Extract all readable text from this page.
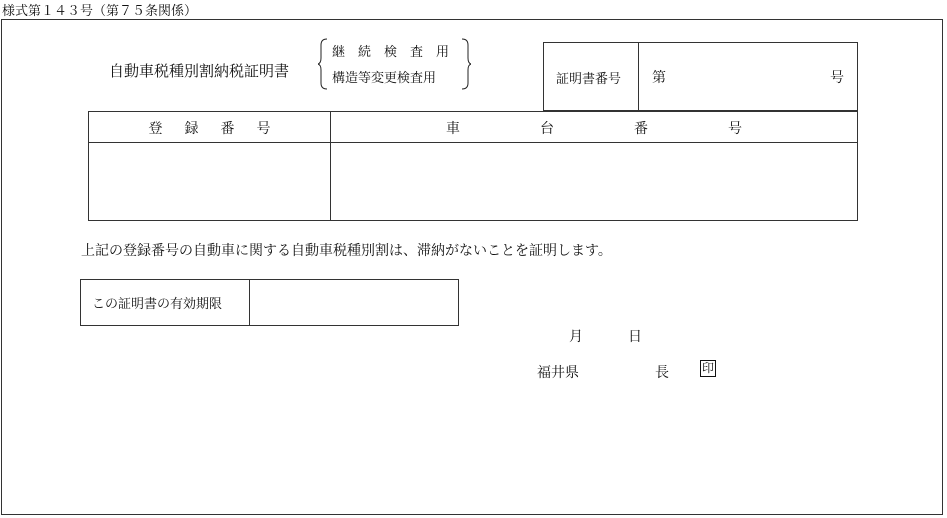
様式第１４３号（第７５条関係）
自動車税種別割納税証明書
継　続　検　査　用
構造等変更検査用	証明書番号 第	号
登録番号	車台番号
上記の登録番号の自動車に関する自動車税種別割は、滞納がないことを証明します。
この証明書の有効期限
月	日
福井県	長	印
